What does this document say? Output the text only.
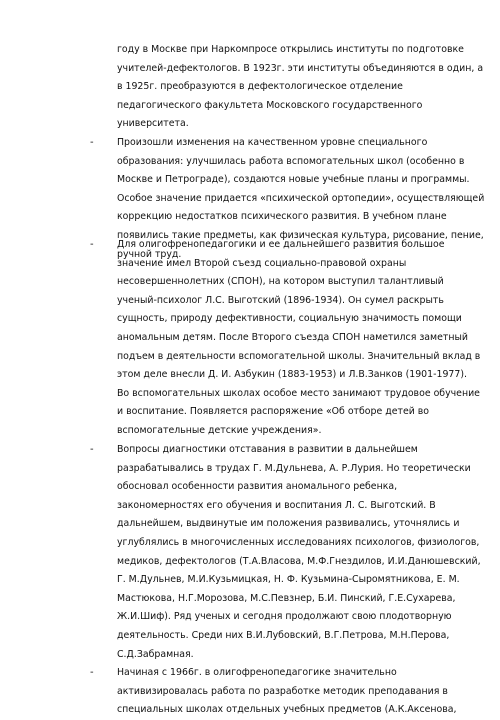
году в Москве при Наркомпросе открылись институты по подготовке
учителей-дефектологов. В 1923г. эти институты объединяются в один, а
в 1925г. преобразуются в дефектологическое отделение
педагогического факультета Московского государственного
университета.
- Произошли изменения на качественном уровне специального
образования: улучшилась работа вспомогательных школ (особенно в
Москве и Петрограде), создаются новые учебные планы и программы.
Особое значение придается «психической ортопедии», осуществляющей
коррекцию недостатков психического развития. В учебном плане
появились такие предметы, как физическая культура, рисование, пение,
ручной труд.
- Для олигофренопедагогики и ее дальнейшего развития большое
значение имел Второй съезд социально-правовой охраны
несовершеннолетних (СПОН), на котором выступил талантливый
ученый-психолог Л.С. Выготский (1896-1934). Он сумел раскрыть
сущность, природу дефективности, социальную значимость помощи
аномальным детям. После Второго съезда СПОН наметился заметный
подъем в деятельности вспомогательной школы. Значительный вклад в
этом деле внесли Д. И. Азбукин (1883-1953) и Л.В.Занков (1901-1977).
Во вспомогательных школах особое место занимают трудовое обучение
и воспитание. Появляется распоряжение «Об отборе детей во
вспомогательные детские учреждения».
- Вопросы диагностики отставания в развитии в дальнейшем
разрабатывались в трудах Г. М.Дульнева, А. Р.Лурия. Но теоретически
обосновал особенности развития аномального ребенка,
закономерностях его обучения и воспитания Л. С. Выготский. В
дальнейшем, выдвинутые им положения развивались, уточнялись и
углублялись в многочисленных исследованиях психологов, физиологов,
медиков, дефектологов (Т.А.Власова, М.Ф.Гнездилов, И.И.Данюшевский,
Г. М.Дульнев, М.И.Кузьмицкая, Н. Ф. Кузьмина-Сыромятникова, Е. М.
Мастюкова, Н.Г.Морозова, М.С.Певзнер, Б.И. Пинский, Г.Е.Сухарева,
Ж.И.Шиф). Ряд ученых и сегодня продолжают свою плодотворную
деятельность. Среди них В.И.Лубовский, В.Г.Петрова, М.Н.Перова,
С.Д.Забрамная.
- Начиная с 1966г. в олигофренопедагогике значительно
активизировалась работа по разработке методик преподавания в
специальных школах отдельных учебных предметов (А.К.Аксенова,
